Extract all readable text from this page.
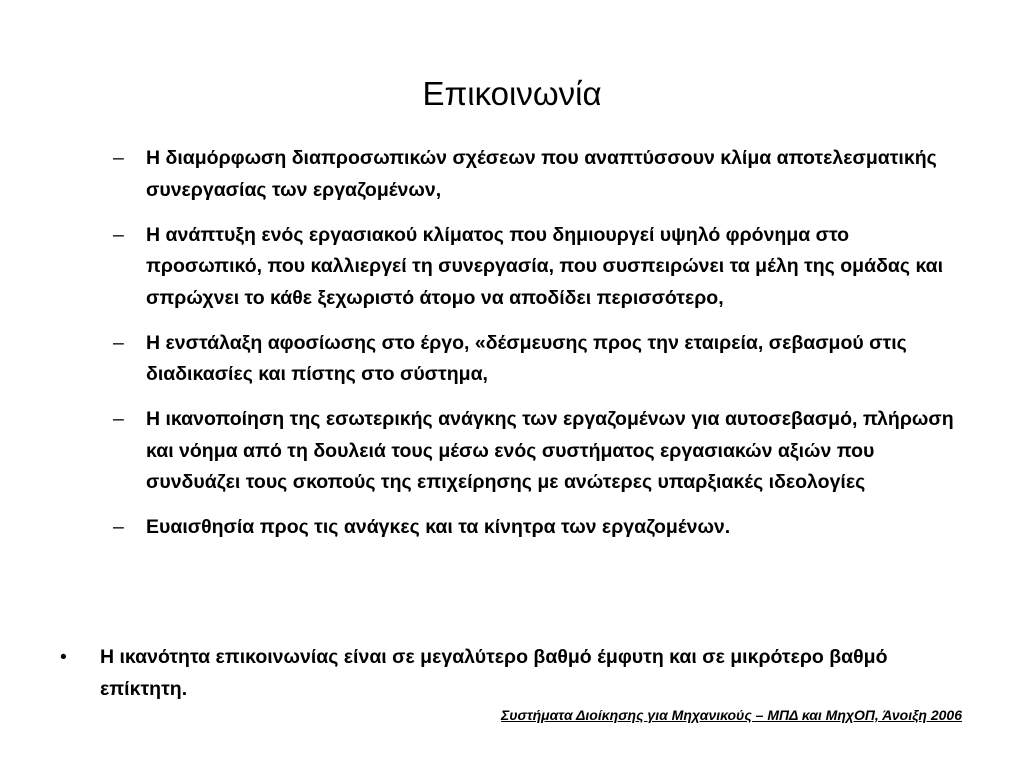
Επικοινωνία
– Η διαμόρφωση διαπροσωπικών σχέσεων που αναπτύσσουν κλίμα αποτελεσματικής συνεργασίας των εργαζομένων,
– Η ανάπτυξη ενός εργασιακού κλίματος που δημιουργεί υψηλό φρόνημα στο προσωπικό, που καλλιεργεί τη συνεργασία, που συσπειρώνει τα μέλη της ομάδας και σπρώχνει το κάθε ξεχωριστό άτομο να αποδίδει περισσότερο,
– Η ενστάλαξη αφοσίωσης στο έργο, «δέσμευσης προς την εταιρεία, σεβασμού στις διαδικασίες και πίστης στο σύστημα,
– Η ικανοποίηση της εσωτερικής ανάγκης των εργαζομένων για αυτοσεβασμό, πλήρωση και νόημα από τη δουλειά τους μέσω ενός συστήματος εργασιακών αξιών που συνδυάζει τους σκοπούς της επιχείρησης με ανώτερες υπαρξιακές ιδεολογίες
– Ευαισθησία προς τις ανάγκες και τα κίνητρα των εργαζομένων.
• Η ικανότητα επικοινωνίας είναι σε μεγαλύτερο βαθμό έμφυτη και σε μικρότερο βαθμό επίκτητη.
Συστήματα Διοίκησης για Μηχανικούς – ΜΠΔ και ΜηχΟΠ, Άνοιξη 2006
